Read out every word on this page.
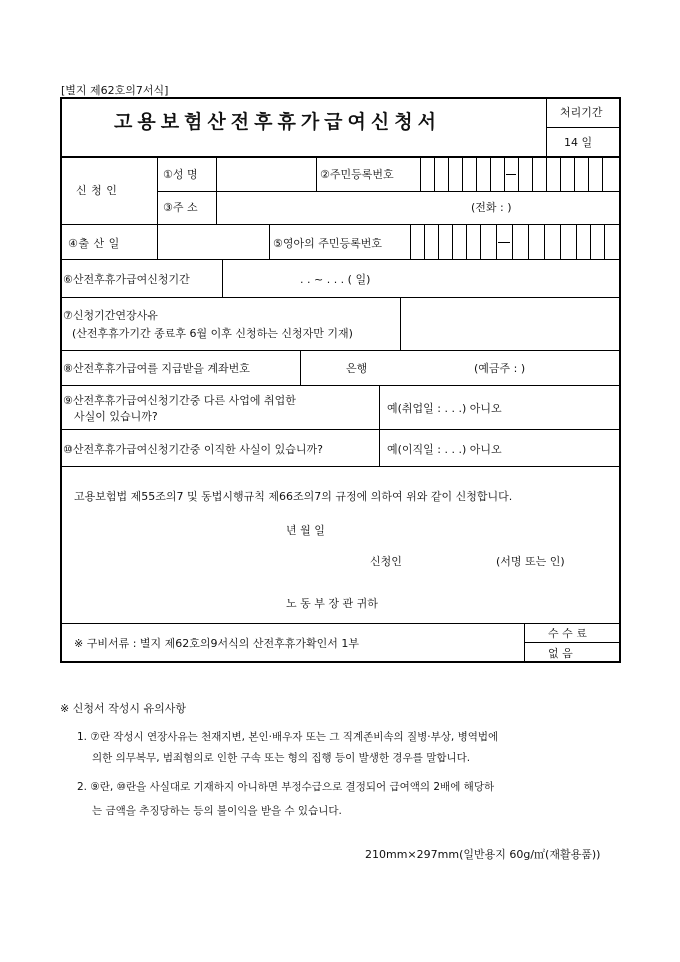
[별지 제62호의7서식]
고용보험산전후휴가급여신청서	처리기간
14 일
신 청 인
①성 명	②주민등록번호
③주 소	(전화 : )
④출 산 일	⑤영아의 주민등록번호
⑥산전후휴가급여신청기간	. . ~ . . . ( 일)
⑦신청기간연장사유
(산전후휴가기간 종료후 6월 이후 신청하는 신청자만 기재)
⑧산전후휴가급여를 지급받을 계좌번호	은행	(예금주 : )
⑨산전후휴가급여신청기간중 다른 사업에 취업한
사실이 있습니까?
예(취업일 : . . .) 아니오
⑩산전후휴가급여신청기간중 이직한 사실이 있습니까?	예(이직일 : . . .) 아니오
고용보험법 제55조의7 및 동법시행규칙 제66조의7의 규정에 의하여 위와 같이 신청합니다.
년 월 일
신청인	(서명 또는 인)
노 동 부 장 관 귀하
※ 구비서류 : 별지 제62호의9서식의 산전후휴가확인서 1부
수 수 료
없 음
※ 신청서 작성시 유의사항
1. ⑦란 작성시 연장사유는 천재지변, 본인·배우자 또는 그 직계존비속의 질병·부상, 병역법에
의한 의무복무, 범죄혐의로 인한 구속 또는 형의 집행 등이 발생한 경우를 말합니다.
2. ⑨란, ⑩란을 사실대로 기재하지 아니하면 부정수급으로 결정되어 급여액의 2배에 해당하
는 금액을 추징당하는 등의 불이익을 받을 수 있습니다.
210mm×297mm(일반용지 60g/㎡(재활용품))
